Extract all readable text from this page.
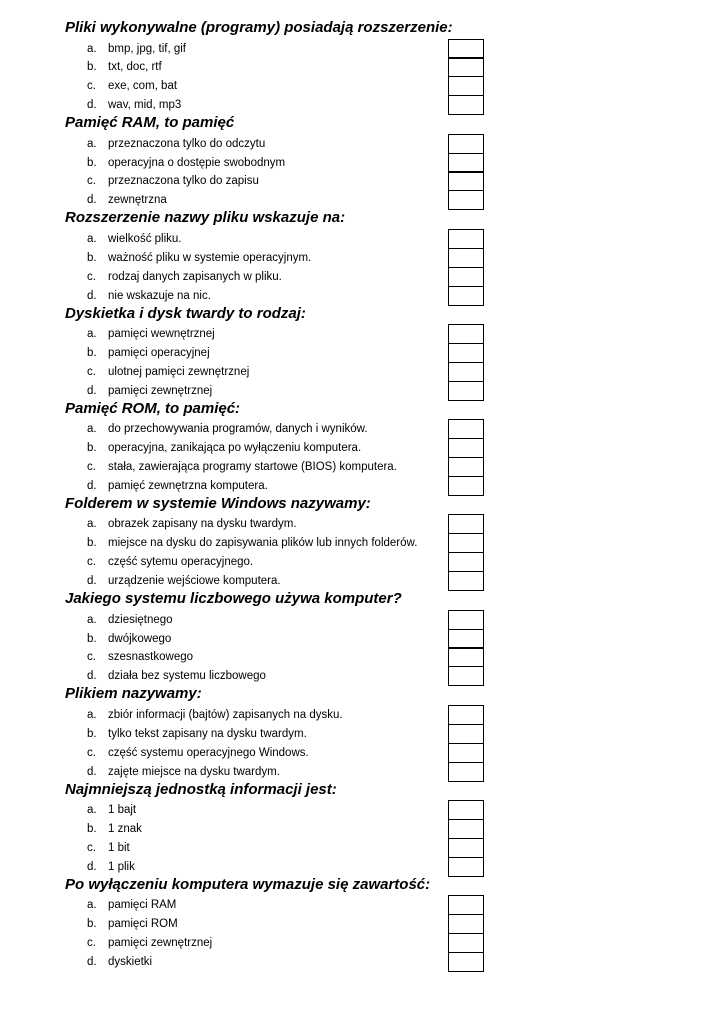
Pliki wykonywalne (programy) posiadają rozszerzenie:
a. bmp, jpg, tif, gif
b. txt, doc, rtf
c. exe, com, bat
d. wav, mid, mp3
Pamięć RAM, to pamięć
a. przeznaczona tylko do odczytu
b. operacyjna o dostępie swobodnym
c. przeznaczona tylko do zapisu
d. zewnętrzna
Rozszerzenie nazwy pliku wskazuje na:
a. wielkość pliku.
b. ważność pliku w systemie operacyjnym.
c. rodzaj danych zapisanych w pliku.
d. nie wskazuje na nic.
Dyskietka i dysk twardy to rodzaj:
a. pamięci wewnętrznej
b. pamięci operacyjnej
c. ulotnej pamięci zewnętrznej
d. pamięci zewnętrznej
Pamięć ROM, to pamięć:
a. do przechowywania programów, danych i wyników.
b. operacyjna, zanikająca po wyłączeniu komputera.
c. stała, zawierająca programy startowe (BIOS) komputera.
d. pamięć zewnętrzna komputera.
Folderem w systemie Windows nazywamy:
a. obrazek zapisany na dysku twardym.
b. miejsce na dysku do zapisywania plików lub innych folderów.
c. część sytemu operacyjnego.
d. urządzenie wejściowe komputera.
Jakiego systemu liczbowego używa komputer?
a. dziesiętnego
b. dwójkowego
c. szesnastkowego
d. działa bez systemu liczbowego
Plikiem nazywamy:
a. zbiór informacji (bajtów) zapisanych na dysku.
b. tylko tekst zapisany na dysku twardym.
c. część systemu operacyjnego Windows.
d. zajęte miejsce na dysku twardym.
Najmniejszą jednostką informacji jest:
a. 1 bajt
b. 1 znak
c. 1 bit
d. 1 plik
Po wyłączeniu komputera wymazuje się zawartość:
a. pamięci RAM
b. pamięci ROM
c. pamięci zewnętrznej
d. dyskietki
